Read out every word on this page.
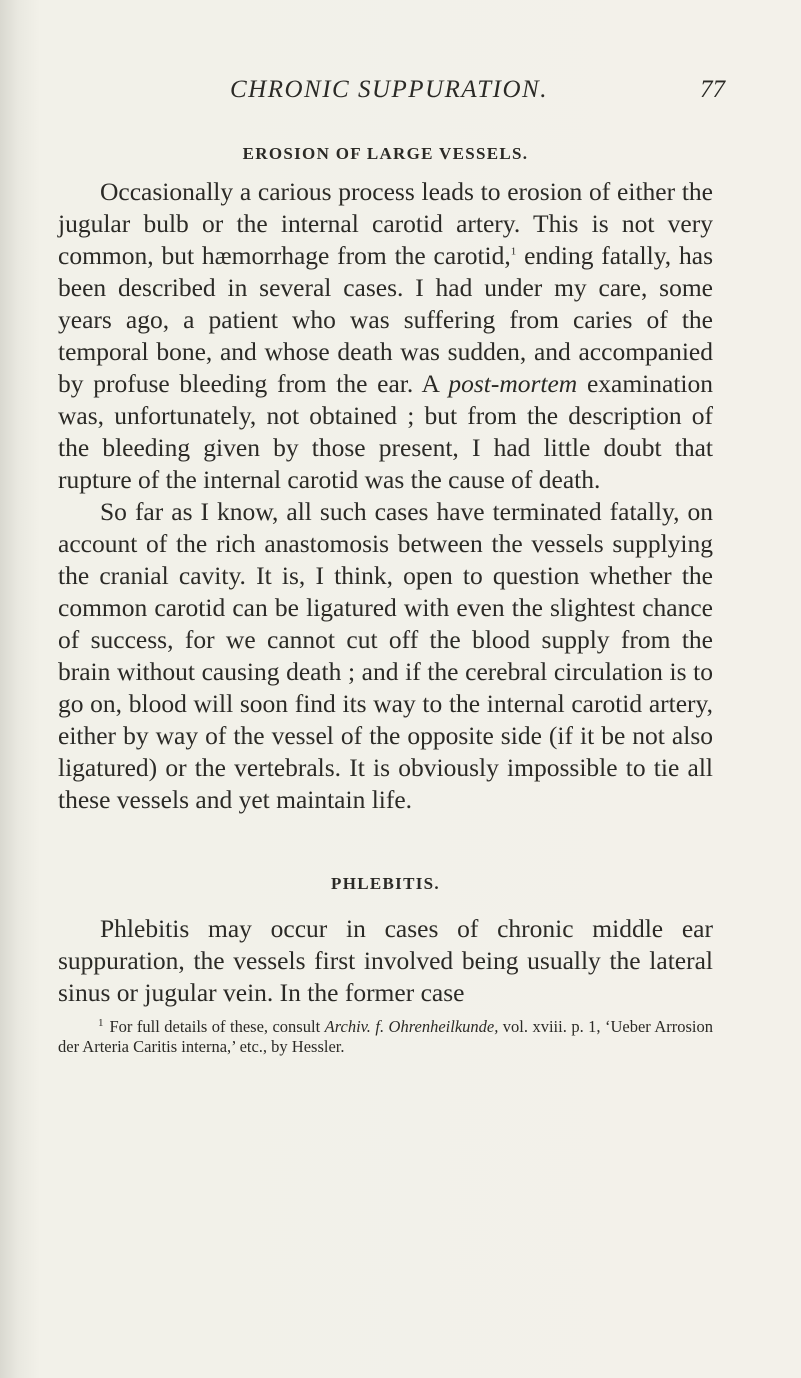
CHRONIC SUPPURATION.	77
EROSION OF LARGE VESSELS.

Occasionally a carious process leads to erosion of either the jugular bulb or the internal carotid artery. This is not very common, but hæmorrhage from the carotid,$^1$ ending fatally, has been described in several cases. I had under my care, some years ago, a patient who was suffering from caries of the temporal bone, and whose death was sudden, and accompanied by profuse bleeding from the ear. A post-mortem examination was, unfortunately, not obtained ; but from the description of the bleeding given by those present, I had little doubt that rupture of the internal carotid was the cause of death.

So far as I know, all such cases have terminated fatally, on account of the rich anastomosis between the vessels supplying the cranial cavity. It is, I think, open to question whether the common carotid can be ligatured with even the slightest chance of success, for we cannot cut off the blood supply from the brain without causing death ; and if the cerebral circulation is to go on, blood will soon find its way to the internal carotid artery, either by way of the vessel of the opposite side (if it be not also ligatured) or the vertebrals. It is obviously impossible to tie all these vessels and yet maintain life.

PHLEBITIS.

Phlebitis may occur in cases of chronic middle ear suppuration, the vessels first involved being usually the lateral sinus or jugular vein. In the former case

$^1$ For full details of these, consult Archiv. f. Ohrenheilkunde, vol. xviii. p. 1, ‘Ueber Arrosion der Arteria Caritis interna,’ etc., by Hessler.
